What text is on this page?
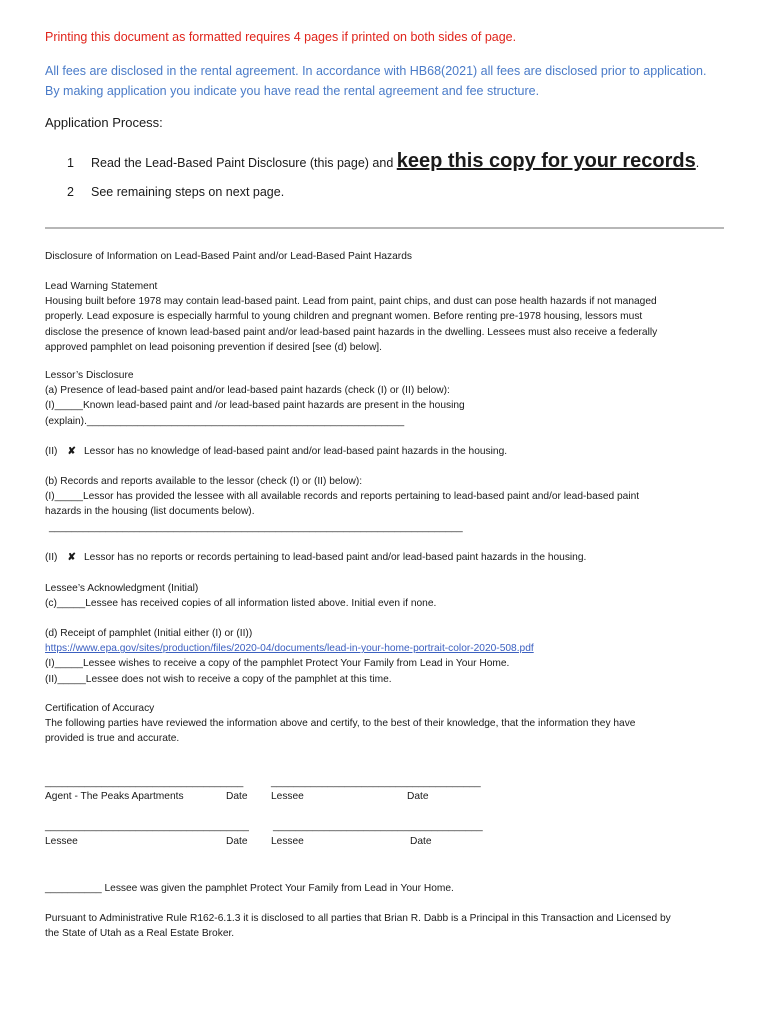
Printing this document as formatted requires 4 pages if printed on both sides of page.
All fees are disclosed in the rental agreement. In accordance with HB68(2021) all fees are disclosed prior to application.
By making application you indicate you have read the rental agreement and fee structure.
Application Process:
1 Read the Lead-Based Paint Disclosure (this page) and keep this copy for your records.
2 See remaining steps on next page.
Disclosure of Information on Lead-Based Paint and/or Lead-Based Paint Hazards

Lead Warning Statement

Housing built before 1978 may contain lead-based paint. Lead from paint, paint chips, and dust can pose health hazards if not managed

properly. Lead exposure is especially harmful to young children and pregnant women. Before renting pre-1978 housing, lessors must

disclose the presence of known lead-based paint and/or lead-based paint hazards in the dwelling. Lessees must also receive a federally

approved pamphlet on lead poisoning prevention if desired [see (d) below].

Lessor’s Disclosure

(a) Presence of lead-based paint and/or lead-based paint hazards (check (I) or (II) below):

(I)_____Known lead-based paint and /or lead-based paint hazards are present in the housing

(explain).________________________________________________________

(II) ✘ Lessor has no knowledge of lead-based paint and/or lead-based paint hazards in the housing.

(b) Records and reports available to the lessor (check (I) or (II) below):

(I)_____Lessor has provided the lessee with all available records and reports pertaining to lead-based paint and/or lead-based paint

hazards in the housing (list documents below).

_________________________________________________________________________

(II) ✘ Lessor has no reports or records pertaining to lead-based paint and/or lead-based paint hazards in the housing.

Lessee’s Acknowledgment (Initial)

(c)_____Lessee has received copies of all information listed above. Initial even if none.

(d) Receipt of pamphlet (Initial either (I) or (II))

https://www.epa.gov/sites/production/files/2020-04/documents/lead-in-your-home-portrait-color-2020-508.pdf

(I)_____Lessee wishes to receive a copy of the pamphlet Protect Your Family from Lead in Your Home.

(II)_____Lessee does not wish to receive a copy of the pamphlet at this time.

Certification of Accuracy

The following parties have reviewed the information above and certify, to the best of their knowledge, that the information they have

provided is true and accurate.

___________________________________	_____________________________________
Agent - The Peaks Apartments	Date Lessee	Date
____________________________________ _____________________________________
Lessee	Date Lessee	Date
__________ Lessee was given the pamphlet Protect Your Family from Lead in Your Home.

Pursuant to Administrative Rule R162-6.1.3 it is disclosed to all parties that Brian R. Dabb is a Principal in this Transaction and Licensed by

the State of Utah as a Real Estate Broker.
